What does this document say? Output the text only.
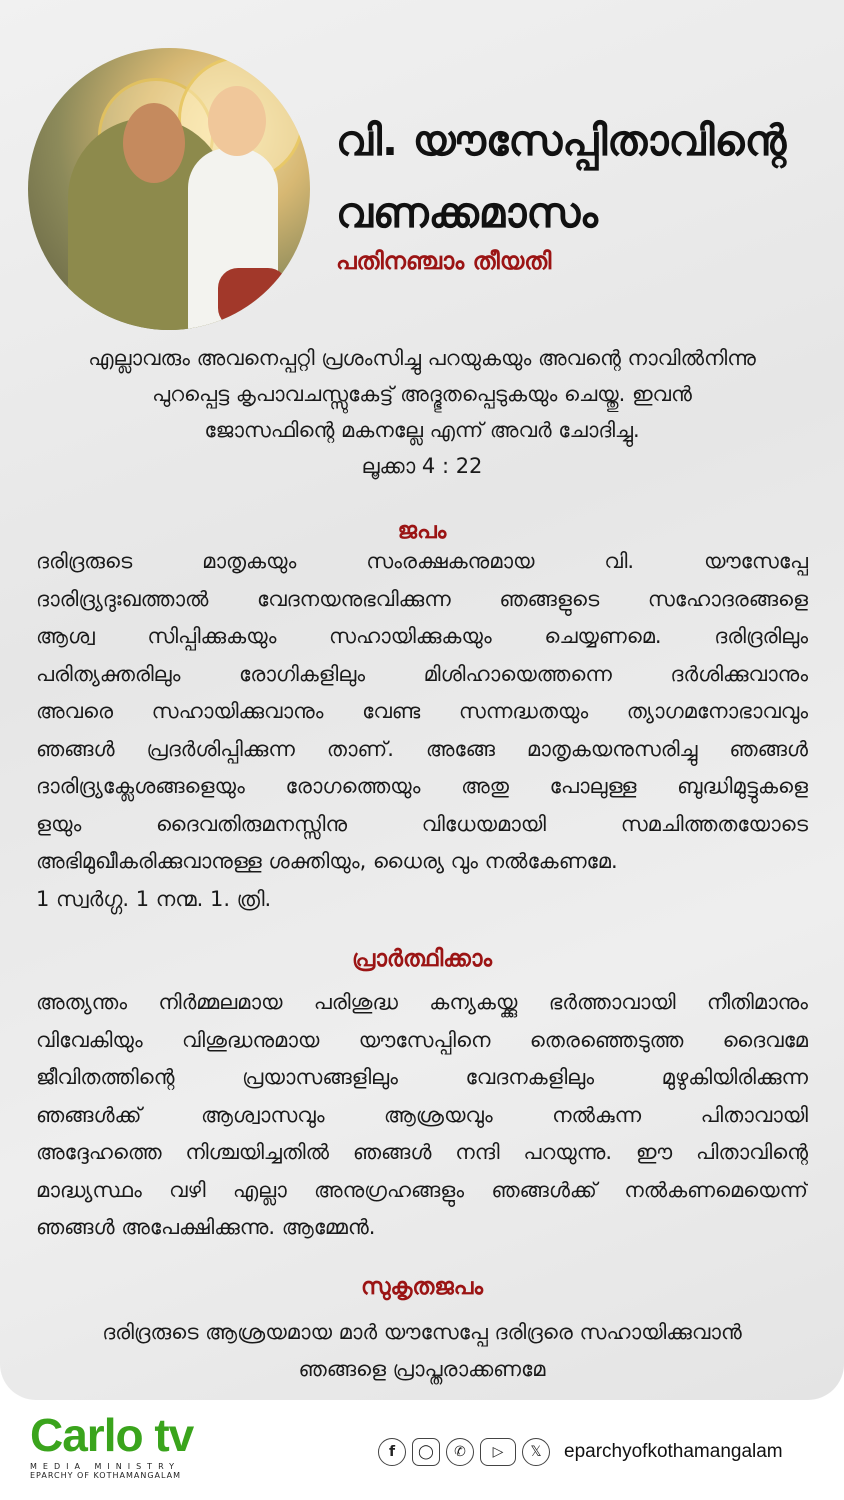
വി. യൗസേപ്പിതാവിന്റെ
വണക്കമാസം
പതിനഞ്ചാം തീയതി
എല്ലാവരും അവനെപ്പറ്റി പ്രശംസിച്ചു പറയുകയും അവന്റെ നാവിൽനിന്നു
പുറപ്പെട്ട കൃപാവചസ്സുകേട്ട് അദ്ഭുതപ്പെടുകയും ചെയ്തു. ഇവൻ
ജോസഫിന്റെ മകനല്ലേ എന്ന് അവർ ചോദിച്ചു.
ലൂക്കാ 4 : 22
ജപം
ദരിദ്രരുടെ മാതൃകയും സംരക്ഷകനുമായ വി. യൗസേപ്പേ
ദാരിദ്ര്യദുഃഖത്താൽ വേദനയനുഭവിക്കുന്ന ഞങ്ങളുടെ സഹോദരങ്ങളെ
ആശ്വ സിപ്പിക്കുകയും സഹായിക്കുകയും ചെയ്യണമെ. ദരിദ്രരിലും
പരിത്യക്തരിലും രോഗികളിലും മിശിഹായെത്തന്നെ ദർശിക്കുവാനും
അവരെ സഹായിക്കുവാനും വേണ്ട സന്നദ്ധതയും ത്യാഗമനോഭാവവും
ഞങ്ങൾ പ്രദർശിപ്പിക്കുന്ന താണ്. അങ്ങേ മാതൃകയനുസരിച്ചു ഞങ്ങൾ
ദാരിദ്ര്യക്ലേശങ്ങളെയും രോഗത്തെയും അതു പോലുള്ള ബുദ്ധിമുട്ടുകളെ
ളയും ദൈവതിരുമനസ്സിനു വിധേയമായി സമചിത്തതയോടെ
അഭിമുഖീകരിക്കുവാനുള്ള ശക്തിയും, ധൈര്യ വും നൽകേണമേ.
1 സ്വർഗ്ഗ. 1 നന്മ. 1. ത്രി.
പ്രാർത്ഥിക്കാം
അത്യന്തം നിർമ്മലമായ പരിശുദ്ധ കന്യകയ്ക്കു ഭർത്താവായി നീതിമാനും
വിവേകിയും വിശുദ്ധനുമായ യൗസേപ്പിനെ തെരഞ്ഞെടുത്ത ദൈവമേ
ജീവിതത്തിന്റെ പ്രയാസങ്ങളിലും വേദനകളിലും മുഴുകിയിരിക്കുന്ന
ഞങ്ങൾക്ക് ആശ്വാസവും ആശ്രയവും നൽകുന്ന പിതാവായി
അദ്ദേഹത്തെ നിശ്ചയിച്ചതിൽ ഞങ്ങൾ നന്ദി പറയുന്നു. ഈ പിതാവിന്റെ
മാദ്ധ്യസ്ഥം വഴി എല്ലാ അനുഗ്രഹങ്ങളും ഞങ്ങൾക്ക് നൽകണമെയെന്ന്
ഞങ്ങൾ അപേക്ഷിക്കുന്നു. ആമ്മേൻ.
സുകൃതജപം
ദരിദ്രരുടെ ആശ്രയമായ മാർ യൗസേപ്പേ ദരിദ്രരെ സഹായിക്കുവാൻ
ഞങ്ങളെ പ്രാപ്തരാക്കണമേ
Carlo tv
MEDIA MINISTRY
EPARCHY OF KOTHAMANGALAM
f	◯	✆	▷	𝕏	eparchyofkothamangalam
